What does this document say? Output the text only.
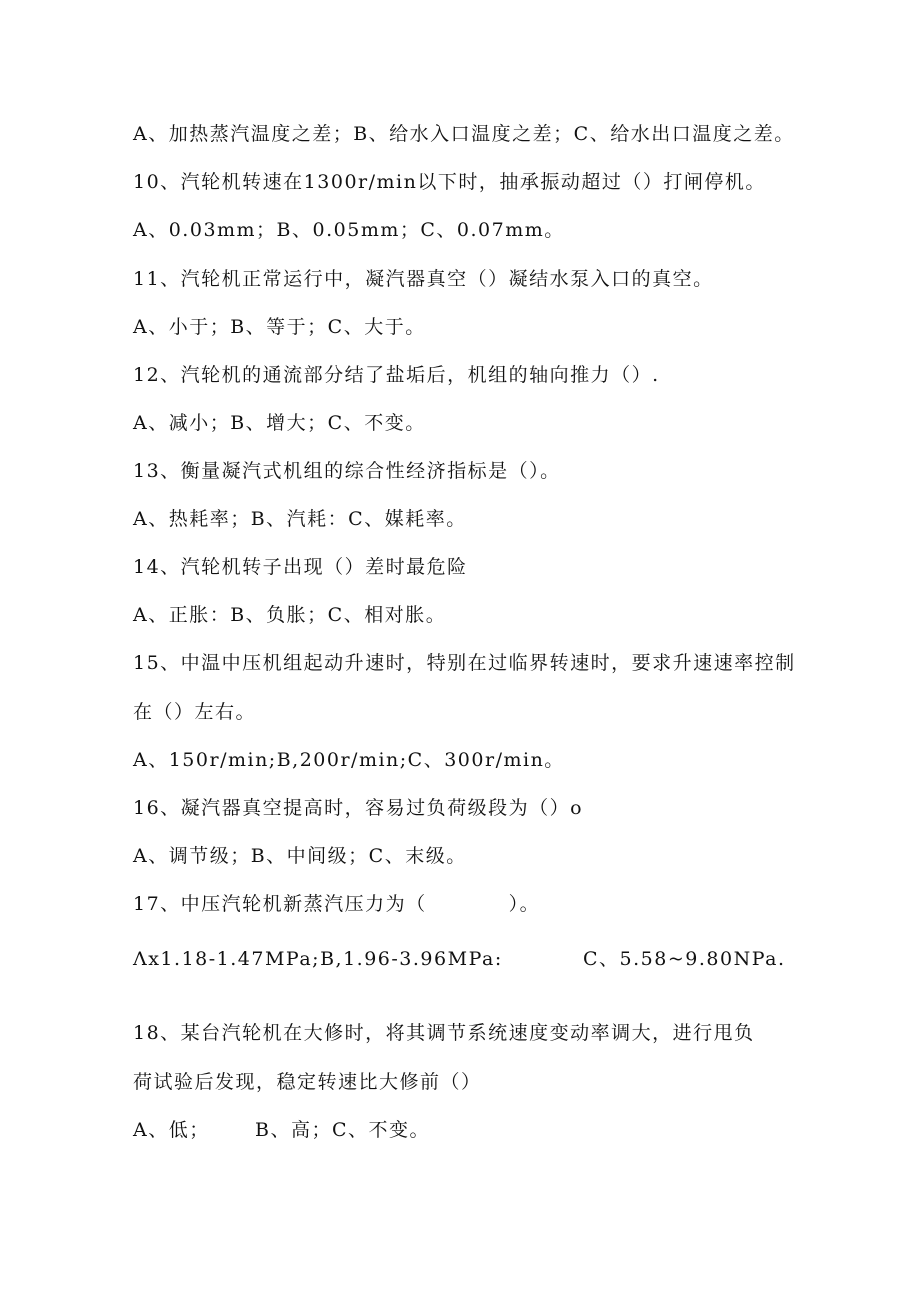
A、加热蒸汽温度之差；B、给水入口温度之差；C、给水出口温度之差。
10、汽轮机转速在1300r/min以下时，抽承振动超过（）打闸停机。
A、0.03mm；B、0.05mm；C、0.07mm。
11、汽轮机正常运行中，凝汽器真空（）凝结水泵入口的真空。
A、小于；B、等于；C、大于。
12、汽轮机的通流部分结了盐垢后，机组的轴向推力（）.
A、减小；B、增大；C、不变。
13、衡量凝汽式机组的综合性经济指标是（）。
A、热耗率；B、汽耗：C、媒耗率。
14、汽轮机转子出现（）差时最危险
A、正胀：B、负胀；C、相对胀。
15、中温中压机组起动升速时，特别在过临界转速时，要求升速速率控制
在（）左右。
A、150r/min;B,200r/min;C、300r/min。
16、凝汽器真空提高时，容易过负荷级段为（）o
A、调节级；B、中间级；C、末级。
17、中压汽轮机新蒸汽压力为（　　　　）。
Λx1.18-1.47MPa;B,1.96-3.96MPa:	C、5.58~9.80NPa.
18、某台汽轮机在大修时，将其调节系统速度变动率调大，进行甩负
荷试验后发现，稳定转速比大修前（）
A、低； B、高；C、不变。
